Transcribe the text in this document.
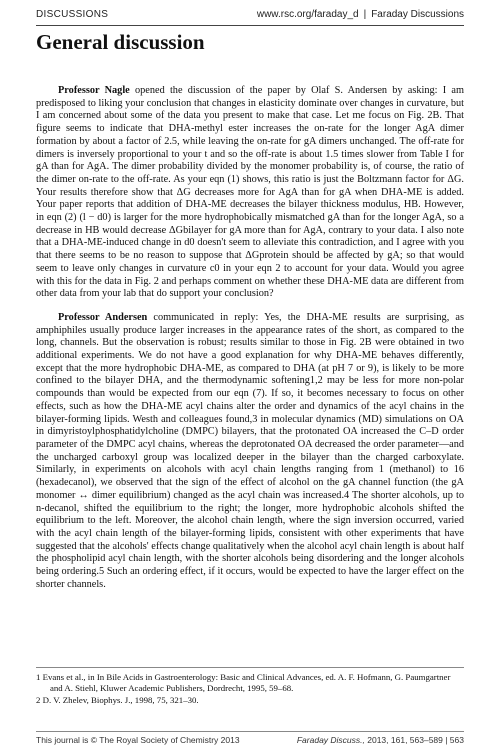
DISCUSSIONS	www.rsc.org/faraday_d | Faraday Discussions
General discussion

Professor Nagle opened the discussion of the paper by Olaf S. Andersen by asking: I am predisposed to liking your conclusion that changes in elasticity dominate over changes in curvature, but I am concerned about some of the data you present to make that case. Let me focus on Fig. 2B. That figure seems to indicate that DHA-methyl ester increases the on-rate for the longer AgA dimer formation by about a factor of 2.5, while leaving the on-rate for gA dimers unchanged. The off-rate for dimers is inversely proportional to your t and so the off-rate is about 1.5 times slower from Table I for gA than for AgA. The dimer probability divided by the monomer probability is, of course, the ratio of the dimer on-rate to the off-rate. As your eqn (1) shows, this ratio is just the Boltzmann factor for ΔG. Your results therefore show that ΔG decreases more for AgA than for gA when DHA-ME is added. Your paper reports that addition of DHA-ME decreases the bilayer thickness modulus, HB. However, in eqn (2) (l − d0) is larger for the more hydrophobically mismatched gA than for the longer AgA, so a decrease in HB would decrease ΔGbilayer for gA more than for AgA, contrary to your data. I also note that a DHA-ME-induced change in d0 doesn't seem to alleviate this contradiction, and I agree with you that there seems to be no reason to suppose that ΔGprotein should be affected by gA; so that would seem to leave only changes in curvature c0 in your eqn 2 to account for your data. Would you agree with this for the data in Fig. 2 and perhaps comment on whether these DHA-ME data are different from other data from your lab that do support your conclusion?

Professor Andersen communicated in reply: Yes, the DHA-ME results are surprising, as amphiphiles usually produce larger increases in the appearance rates of the short, as compared to the long, channels. But the observation is robust; results similar to those in Fig. 2B were obtained in two additional experiments. We do not have a good explanation for why DHA-ME behaves differently, except that the more hydrophobic DHA-ME, as compared to DHA (at pH 7 or 9), is likely to be more confined to the bilayer DHA, and the thermodynamic softening1,2 may be less for more non-polar compounds than would be expected from our eqn (7). If so, it becomes necessary to focus on other effects, such as how the DHA-ME acyl chains alter the order and dynamics of the acyl chains in the bilayer-forming lipids. Westh and colleagues found,3 in molecular dynamics (MD) simulations on OA in dimyristoylphosphatidylcholine (DMPC) bilayers, that the protonated OA increased the C–D order parameter of the DMPC acyl chains, whereas the deprotonated OA decreased the order parameter—and the uncharged carboxyl group was localized deeper in the bilayer than the charged carboxylate. Similarly, in experiments on alcohols with acyl chain lengths ranging from 1 (methanol) to 16 (hexadecanol), we observed that the sign of the effect of alcohol on the gA channel function (the gA monomer ↔ dimer equilibrium) changed as the acyl chain was increased.4 The shorter alcohols, up to n-decanol, shifted the equilibrium to the right; the longer, more hydrophobic alcohols shifted the equilibrium to the left. Moreover, the alcohol chain length, where the sign inversion occurred, varied with the acyl chain length of the bilayer-forming lipids, consistent with other experiments that have suggested that the alcohols' effects change qualitatively when the alcohol acyl chain length is about half the phospholipid acyl chain length, with the shorter alcohols being disordering and the longer alcohols being ordering.5 Such an ordering effect, if it occurs, would be expected to have the larger effect on the shorter channels.

1 Evans et al., in In Bile Acids in Gastroenterology: Basic and Clinical Advances, ed. A. F. Hofmann, G. Paumgartner and A. Stiehl, Kluwer Academic Publishers, Dordrecht, 1995, 59–68.
2 D. V. Zhelev, Biophys. J., 1998, 75, 321–30.
This journal is © The Royal Society of Chemistry 2013	Faraday Discuss., 2013, 161, 563–589 | 563
